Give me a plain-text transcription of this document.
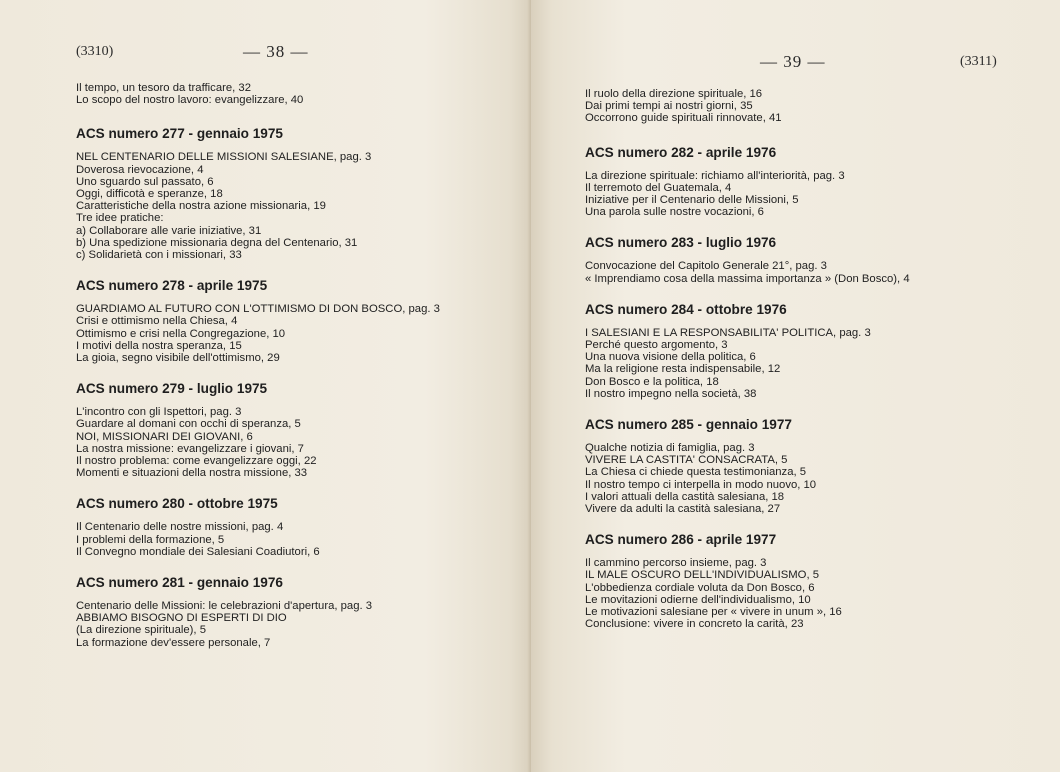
(3310)	— 38 —
Il tempo, un tesoro da trafficare, 32
Lo scopo del nostro lavoro: evangelizzare, 40
ACS numero 277 - gennaio 1975
NEL CENTENARIO DELLE MISSIONI SALESIANE, pag. 3
Doverosa rievocazione, 4
Uno sguardo sul passato, 6
Oggi, difficotà e speranze, 18
Caratteristiche della nostra azione missionaria, 19
Tre idee pratiche:
a) Collaborare alle varie iniziative, 31
b) Una spedizione missionaria degna del Centenario, 31
c) Solidarietà con i missionari, 33
ACS numero 278 - aprile 1975
GUARDIAMO AL FUTURO CON L'OTTIMISMO DI DON BOSCO, pag. 3
Crisi e ottimismo nella Chiesa, 4
Ottimismo e crisi nella Congregazione, 10
I motivi della nostra speranza, 15
La gioia, segno visibile dell'ottimismo, 29
ACS numero 279 - luglio 1975
L'incontro con gli Ispettori, pag. 3
Guardare al domani con occhi di speranza, 5
NOI, MISSIONARI DEI GIOVANI, 6
La nostra missione: evangelizzare i giovani, 7
Il nostro problema: come evangelizzare oggi, 22
Momenti e situazioni della nostra missione, 33
ACS numero 280 - ottobre 1975
Il Centenario delle nostre missioni, pag. 4
I problemi della formazione, 5
Il Convegno mondiale dei Salesiani Coadiutori, 6
ACS numero 281 - gennaio 1976
Centenario delle Missioni: le celebrazioni d'apertura, pag. 3
ABBIAMO BISOGNO DI ESPERTI DI DIO
(La direzione spirituale), 5
La formazione dev'essere personale, 7
— 39 —	(3311)
Il ruolo della direzione spirituale, 16
Dai primi tempi ai nostri giorni, 35
Occorrono guide spirituali rinnovate, 41
ACS numero 282 - aprile 1976
La direzione spirituale: richiamo all'interiorità, pag. 3
Il terremoto del Guatemala, 4
Iniziative per il Centenario delle Missioni, 5
Una parola sulle nostre vocazioni, 6
ACS numero 283 - luglio 1976
Convocazione del Capitolo Generale 21°, pag. 3
« Imprendiamo cosa della massima importanza » (Don Bosco), 4
ACS numero 284 - ottobre 1976
I SALESIANI E LA RESPONSABILITA' POLITICA, pag. 3
Perché questo argomento, 3
Una nuova visione della politica, 6
Ma la religione resta indispensabile, 12
Don Bosco e la politica, 18
Il nostro impegno nella società, 38
ACS numero 285 - gennaio 1977
Qualche notizia di famiglia, pag. 3
VIVERE LA CASTITA' CONSACRATA, 5
La Chiesa ci chiede questa testimonianza, 5
Il nostro tempo ci interpella in modo nuovo, 10
I valori attuali della castità salesiana, 18
Vivere da adulti la castità salesiana, 27
ACS numero 286 - aprile 1977
Il cammino percorso insieme, pag. 3
IL MALE OSCURO DELL'INDIVIDUALISMO, 5
L'obbedienza cordiale voluta da Don Bosco, 6
Le movitazioni odierne dell'individualismo, 10
Le motivazioni salesiane per « vivere in unum », 16
Conclusione: vivere in concreto la carità, 23
